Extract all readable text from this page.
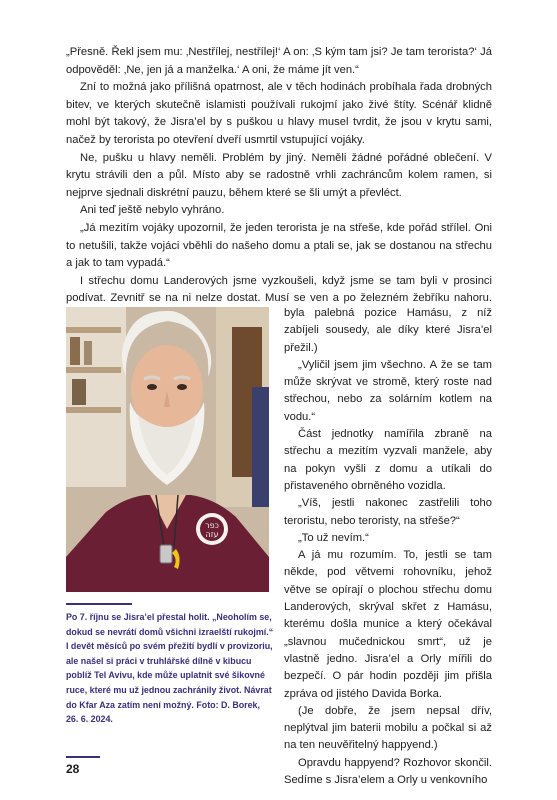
„Přesně. Řekl jsem mu: ‚Nestřílej, nestřílej!‘ A on: ‚S kým tam jsi? Je tam terorista?‘ Já odpověděl: ‚Ne, jen já a manželka.‘ A oni, že máme jít ven.“

Zní to možná jako přílišná opatrnost, ale v těch hodinách probíhala řada drobných bitev, ve kterých skutečně islamisti používali rukojmí jako živé štíty. Scénář klidně mohl být takový, že Jisra’el by s puškou u hlavy musel tvrdit, že jsou v krytu sami, načež by terorista po otevření dveří usmrtil vstupující vojáky.

Ne, pušku u hlavy neměli. Problém by jiný. Neměli žádné pořádné oblečení. V krytu strávili den a půl. Místo aby se radostně vrhli zachráncům kolem ramen, si nejprve sjednali diskrétní pauzu, během které se šli umýt a převléct.

Ani teď ještě nebylo vyhráno.

„Já mezitím vojáky upozornil, že jeden terorista je na střeše, kde pořád střílel. Oni to netušili, takže vojáci vběhli do našeho domu a ptali se, jak se dostanou na střechu a jak to tam vypadá.“

I střechu domu Landerových jsme vyzkoušeli, když jsme se tam byli v prosinci podívat. Zevnitř se na ni nelze dostat. Musí se ven a po železném žebříku nahoru.

כפר
עזה

byla palebná pozice Hamásu, z níž zabíjeli sousedy, ale díky které Jisra’el přežil.)

„Vyličil jsem jim všechno. A že se tam může skrývat ve stromě, který roste nad střechou, nebo za solárním kotlem na vodu.“

Část jednotky namířila zbraně na střechu a mezitím vyzvali manžele, aby na pokyn vyšli z domu a utíkali do přistaveného obrněného vozidla.

„Víš, jestli nakonec zastřelili toho teroristu, nebo teroristy, na střeše?“

„To už nevím.“

A já mu rozumím. To, jestli se tam někde, pod větvemi rohovníku, jehož větve se opírají o plochou střechu domu Landerových, skrýval skřet z Hamásu, kterému došla munice a který očekával „slavnou mučednickou smrt“, už je vlastně jedno. Jisra’el a Orly mířili do bezpečí. O pár hodin později jim přišla zpráva od jistého Davida Borka.

(Je dobře, že jsem nepsal dřív, neplýtval jim baterii mobilu a počkal si až na ten neuvěřitelný happyend.)

Opravdu happyend? Rozhovor skončil. Sedíme s Jisra’elem a Orly u venkovního

Po 7. říjnu se Jisra’el přestal holit. „Neoholím se, dokud se nevrátí domů všichni izraelští rukojmí.“ I devět měsíců po svém přežití bydlí v provizoriu, ale našel si práci v truhlářské dílně v kibucu poblíž Tel Avivu, kde může uplatnit své šikovné ruce, které mu už jednou zachránily život. Návrat do Kfar Aza zatím není možný. Foto: D. Borek, 26. 6. 2024.
28
